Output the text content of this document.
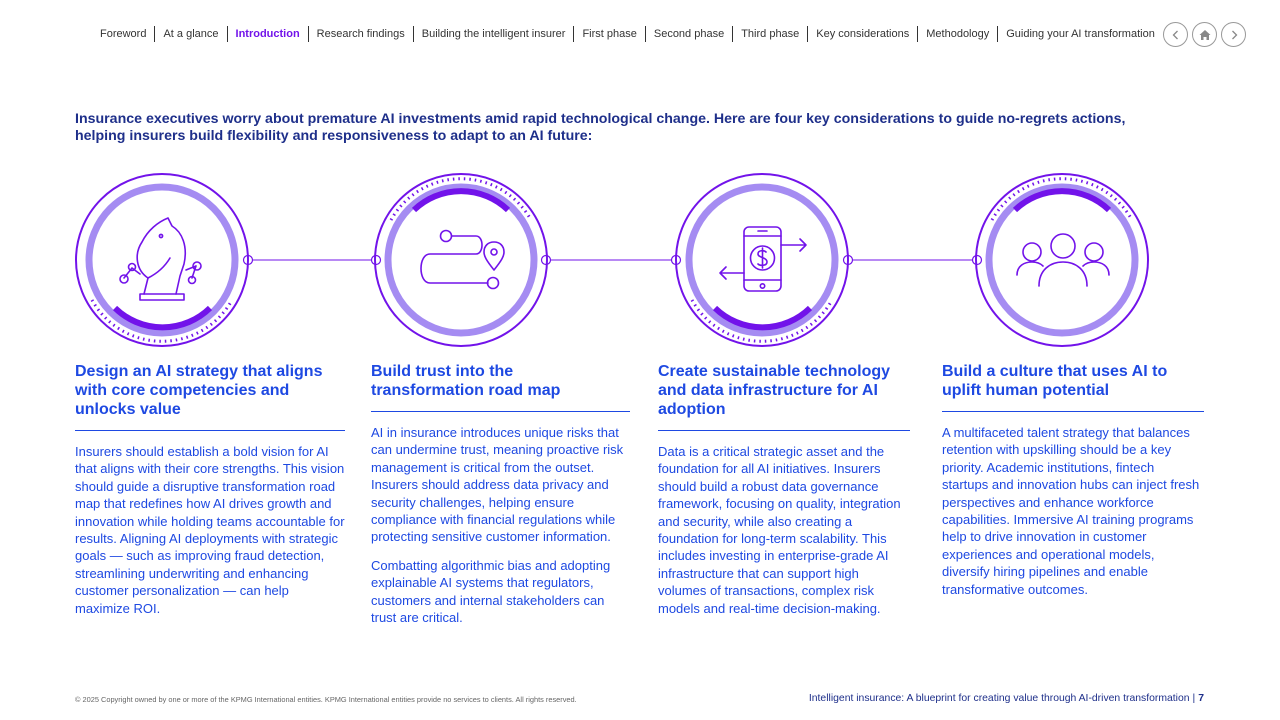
Foreword	At a glance	Introduction	Research findings	Building the intelligent insurer	First phase	Second phase	Third phase	Key considerations	Methodology	Guiding your AI transformation

Insurance executives worry about premature AI investments amid rapid technological change. Here are four key considerations to guide no-regrets actions, helping insurers build flexibility and responsiveness to adapt to an AI future:

Design an AI strategy that aligns with core competencies and unlocks value

Insurers should establish a bold vision for AI that aligns with their core strengths. This vision should guide a disruptive transformation road map that redefines how AI drives growth and innovation while holding teams accountable for results. Aligning AI deployments with strategic goals — such as improving fraud detection, streamlining underwriting and enhancing customer personalization — can help maximize ROI.

Build trust into the transformation road map

AI in insurance introduces unique risks that can undermine trust, meaning proactive risk management is critical from the outset. Insurers should address data privacy and security challenges, helping ensure compliance with financial regulations while protecting sensitive customer information.

Combatting algorithmic bias and adopting explainable AI systems that regulators, customers and internal stakeholders can trust are critical.

Create sustainable technology and data infrastructure for AI adoption

Data is a critical strategic asset and the foundation for all AI initiatives. Insurers should build a robust data governance framework, focusing on quality, integration and security, while also creating a foundation for long-term scalability. This includes investing in enterprise-grade AI infrastructure that can support high volumes of transactions, complex risk models and real-time decision-making.

Build a culture that uses AI to uplift human potential

A multifaceted talent strategy that balances retention with upskilling should be a key priority. Academic institutions, fintech startups and innovation hubs can inject fresh perspectives and enhance workforce capabilities. Immersive AI training programs help to drive innovation in customer experiences and operational models, diversify hiring pipelines and enable transformative outcomes.

© 2025 Copyright owned by one or more of the KPMG International entities. KPMG International entities provide no services to clients. All rights reserved.	Intelligent insurance: A blueprint for creating value through AI-driven transformation | 7
